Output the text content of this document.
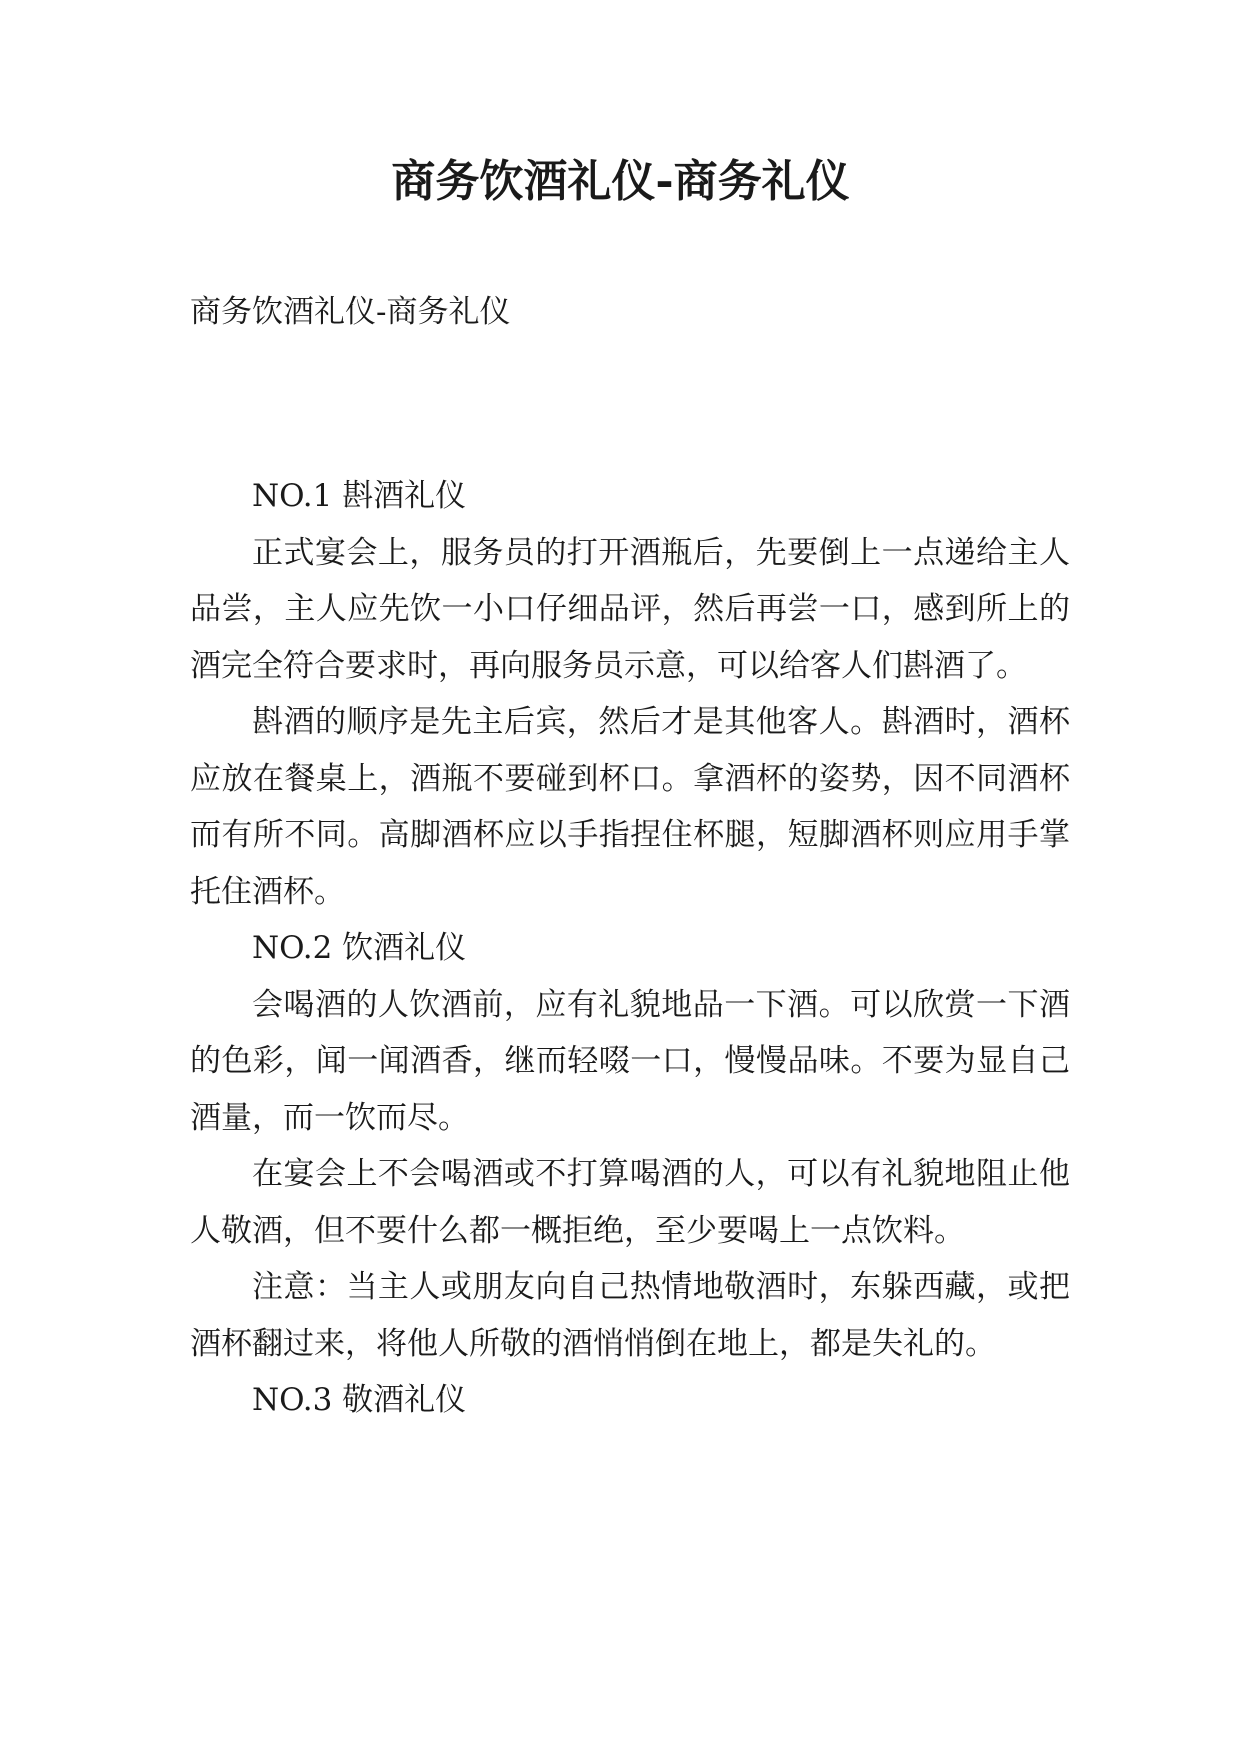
商务饮酒礼仪-商务礼仪

商务饮酒礼仪-商务礼仪

NO.1 斟酒礼仪

正式宴会上，服务员的打开酒瓶后，先要倒上一点递给主人品尝，主人应先饮一小口仔细品评，然后再尝一口，感到所上的酒完全符合要求时，再向服务员示意，可以给客人们斟酒了。

斟酒的顺序是先主后宾，然后才是其他客人。斟酒时，酒杯应放在餐桌上，酒瓶不要碰到杯口。拿酒杯的姿势，因不同酒杯而有所不同。高脚酒杯应以手指捏住杯腿，短脚酒杯则应用手掌托住酒杯。

NO.2 饮酒礼仪

会喝酒的人饮酒前，应有礼貌地品一下酒。可以欣赏一下酒的色彩，闻一闻酒香，继而轻啜一口，慢慢品味。不要为显自己酒量，而一饮而尽。

在宴会上不会喝酒或不打算喝酒的人，可以有礼貌地阻止他人敬酒，但不要什么都一概拒绝，至少要喝上一点饮料。

注意：当主人或朋友向自己热情地敬酒时，东躲西藏，或把酒杯翻过来，将他人所敬的酒悄悄倒在地上，都是失礼的。

NO.3 敬酒礼仪
